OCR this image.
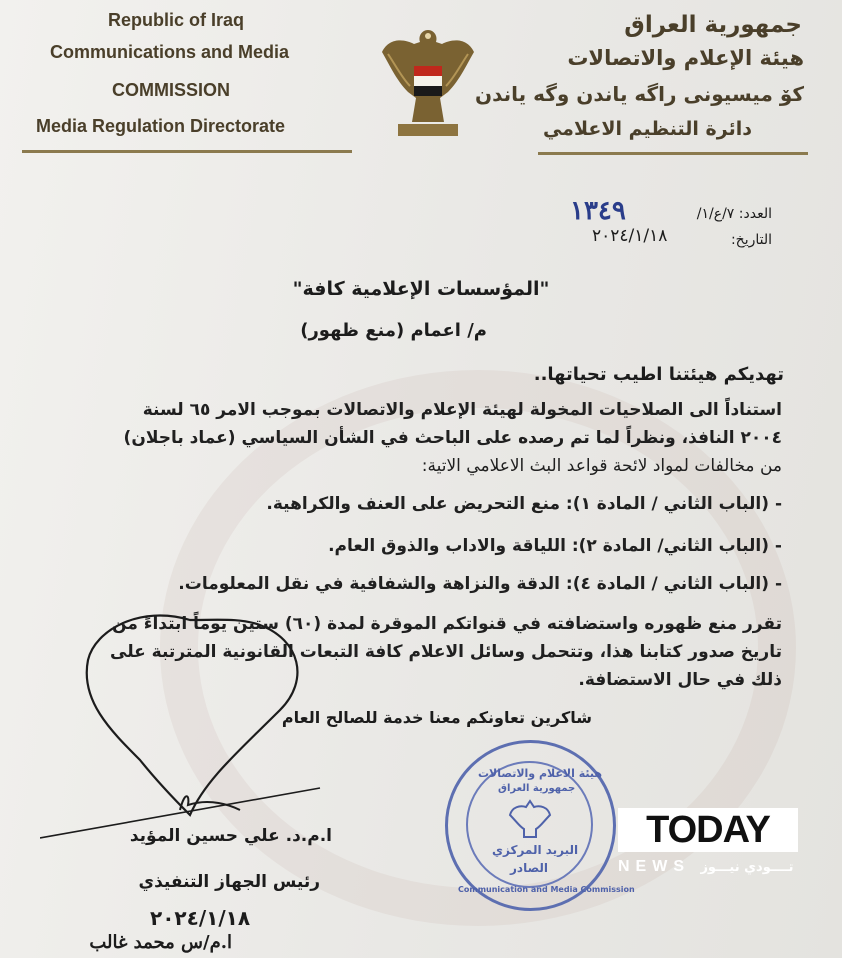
Republic of Iraq
Communications and Media
COMMISSION
Media Regulation Directorate
جمهورية العراق
هيئة الإعلام والاتصالات
كۆ ميسيونى راگه ياندن وگه ياندن
دائرة التنظيم الاعلامي
العدد: ٧/ع/١/
١٣٤٩
التاريخ:
٢٠٢٤/١/١٨
"المؤسسات الإعلامية كافة"
م/ اعمام (منع ظهور)
تهديكم هيئتنا اطيب تحياتها..
استناداً الى الصلاحيات المخولة لهيئة الإعلام والاتصالات بموجب الامر ٦٥ لسنة
٢٠٠٤ النافذ، ونظراً لما تم رصده على الباحث في الشأن السياسي (عماد باجلان)
من مخالفات لمواد لائحة قواعد البث الاعلامي الاتية:
- (الباب الثاني / المادة ١): منع التحريض على العنف والكراهية.
- (الباب الثاني/ المادة ٢): اللياقة والاداب والذوق العام.
- (الباب الثاني / المادة ٤): الدقة والنزاهة والشفافية في نقل المعلومات.
تقرر منع ظهوره واستضافته في قنواتكم الموقرة لمدة (٦٠) ستين يوماً ابتداءً من
تاريخ صدور كتابنا هذا، وتتحمل وسائل الاعلام كافة التبعات القانونية المترتبة على
ذلك في حال الاستضافة.
شاكرين تعاونكم معنا خدمة للصالح العام
ا.م.د. علي حسين المؤيد
رئيس الجهاز التنفيذي
٢٠٢٤/١/١٨
ا.م/س محمد غالب
هيئة الاعلام والاتصالات
جمهورية العراق
البريد المركزي
الصادر
Communication and Media Commission
TODAY
NEWS تــــودي نيـــوز
